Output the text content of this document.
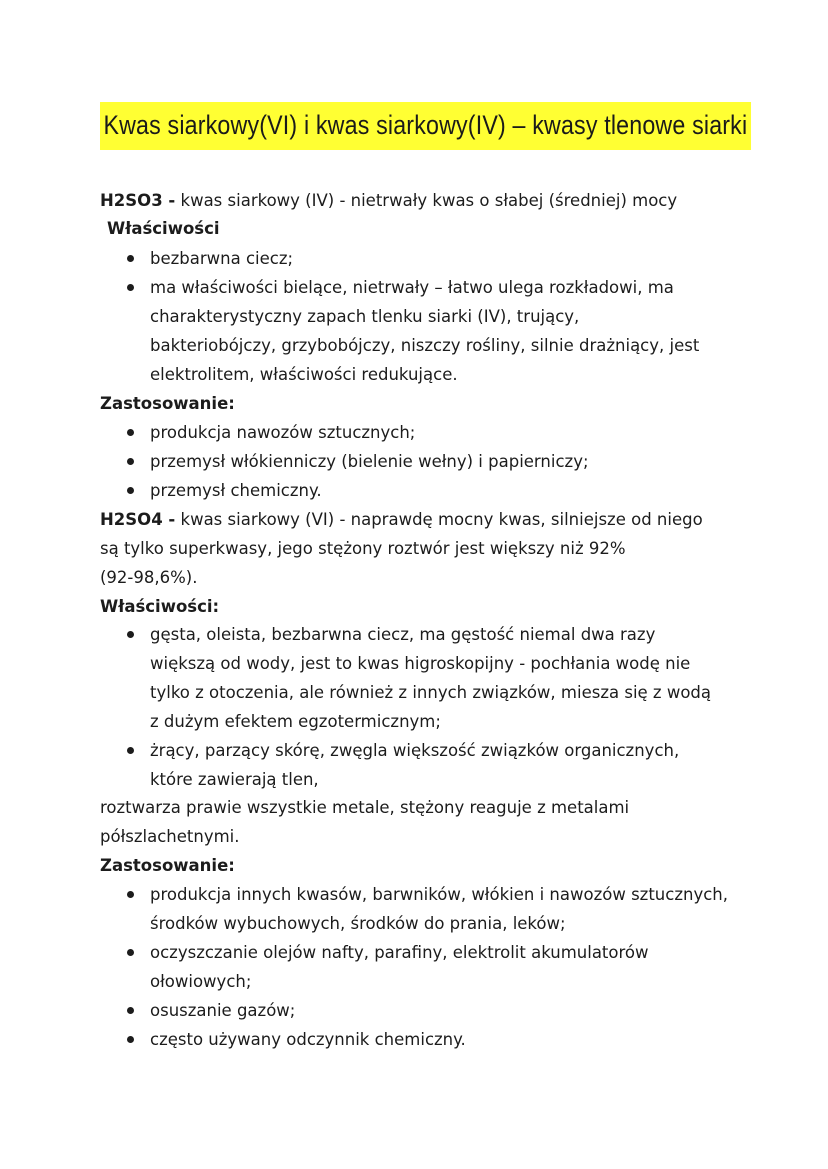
Kwas siarkowy(VI) i kwas siarkowy(IV) – kwasy tlenowe siarki
H2SO3 - kwas siarkowy (IV) - nietrwały kwas o słabej (średniej) mocy
Właściwości
bezbarwna ciecz;
ma właściwości bielące, nietrwały – łatwo ulega rozkładowi, ma
charakterystyczny zapach tlenku siarki (IV), trujący,
bakteriobójczy, grzybobójczy, niszczy rośliny, silnie drażniący, jest
elektrolitem, właściwości redukujące.
Zastosowanie:
produkcja nawozów sztucznych;
przemysł włókienniczy (bielenie wełny) i papierniczy;
przemysł chemiczny.
H2SO4 - kwas siarkowy (VI) - naprawdę mocny kwas, silniejsze od niego
są tylko superkwasy, jego stężony roztwór jest większy niż 92%
(92-98,6%).
Właściwości:
gęsta, oleista, bezbarwna ciecz, ma gęstość niemal dwa razy
większą od wody, jest to kwas higroskopijny - pochłania wodę nie
tylko z otoczenia, ale również z innych związków, miesza się z wodą
z dużym efektem egzotermicznym;
żrący, parzący skórę, zwęgla większość związków organicznych,
które zawierają tlen,
roztwarza prawie wszystkie metale, stężony reaguje z metalami
półszlachetnymi.
Zastosowanie:
produkcja innych kwasów, barwników, włókien i nawozów sztucznych,
środków wybuchowych, środków do prania, leków;
oczyszczanie olejów nafty, parafiny, elektrolit akumulatorów
ołowiowych;
osuszanie gazów;
często używany odczynnik chemiczny.
